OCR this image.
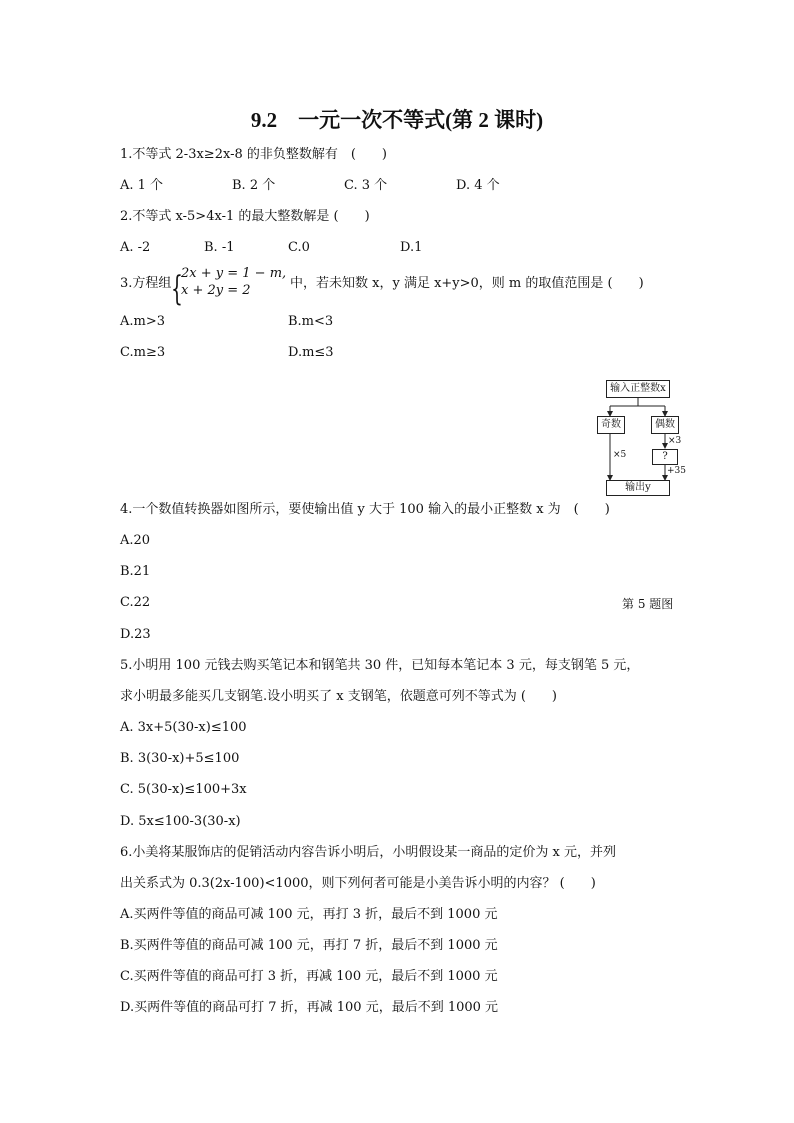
9.2　一元一次不等式(第 2 课时)
1.不等式 2-3x≥2x-8 的非负整数解有　(　　)
A. 1 个	B. 2 个	C. 3 个	D. 4 个
2.不等式 x-5>4x-1 的最大整数解是 (　　)
A. -2	B. -1	C.0	D.1
3.方程组 {
2x + y = 1 − m,
x + 2y = 2	中，若未知数 x，y 满足 x+y>0，则 m 的取值范围是 (　　)
A.m>3	B.m<3
C.m≥3	D.m≤3
输入正整数x
奇数	偶数
×3
?
×5
+35
输出y
4.一个数值转换器如图所示，要使输出值 y 大于 100 输入的最小正整数 x 为　(　　)
A.20
B.21
C.22	第 5 题图
D.23
5.小明用 100 元钱去购买笔记本和钢笔共 30 件，已知每本笔记本 3 元，每支钢笔 5 元，
求小明最多能买几支钢笔.设小明买了 x 支钢笔，依题意可列不等式为 (　　)
A. 3x+5(30-x)≤100
B. 3(30-x)+5≤100
C. 5(30-x)≤100+3x
D. 5x≤100-3(30-x)
6.小美将某服饰店的促销活动内容告诉小明后，小明假设某一商品的定价为 x 元，并列
出关系式为 0.3(2x-100)<1000，则下列何者可能是小美告诉小明的内容？ (　　)
A.买两件等值的商品可减 100 元，再打 3 折，最后不到 1000 元
B.买两件等值的商品可减 100 元，再打 7 折，最后不到 1000 元
C.买两件等值的商品可打 3 折，再减 100 元，最后不到 1000 元
D.买两件等值的商品可打 7 折，再减 100 元，最后不到 1000 元
